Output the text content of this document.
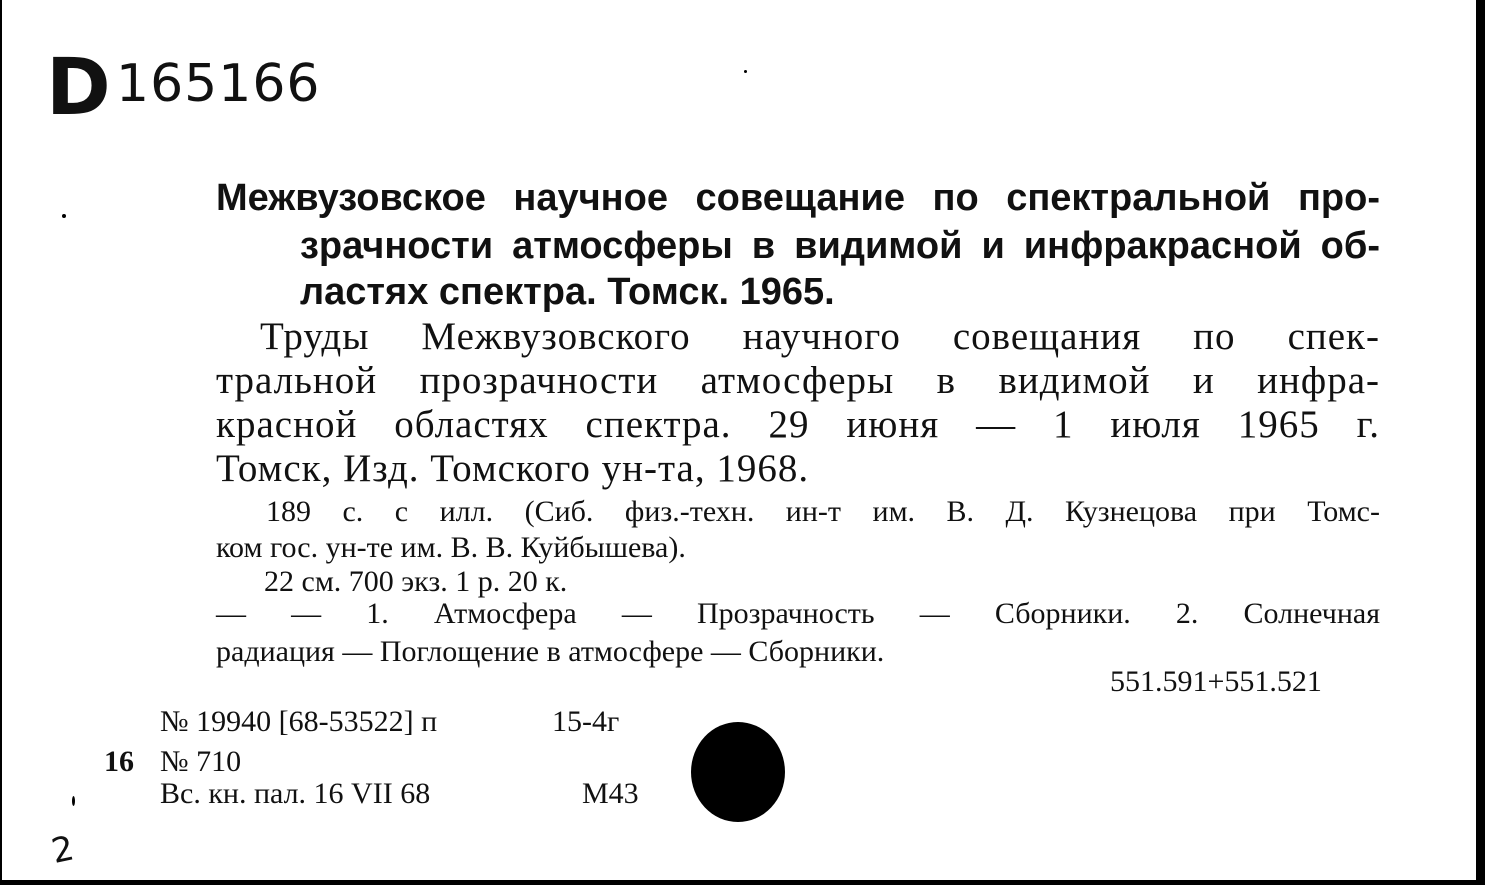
D 165166
Межвузовское научное совещание по спектральной про-
зрачности атмосферы в видимой и инфракрасной об-
ластях спектра. Томск. 1965.
Труды Межвузовского научного совещания по спек-
тральной прозрачности атмосферы в видимой и инфра-
красной областях спектра. 29 июня — 1 июля 1965 г.
Томск, Изд. Томского ун-та, 1968.
189 с. с илл. (Сиб. физ.-техн. ин-т им. В. Д. Кузнецова при Томс-
ком гос. ун-те им. В. В. Куйбышева).
22 см. 700 экз. 1 р. 20 к.
— — 1. Атмосфера — Прозрачность — Сборники. 2. Солнечная
радиация — Поглощение в атмосфере — Сборники.
551.591+551.521
№ 19940 [68-53522] п	15-4г
16 № 710
Вс. кн. пал. 16 VII 68	М43
2
